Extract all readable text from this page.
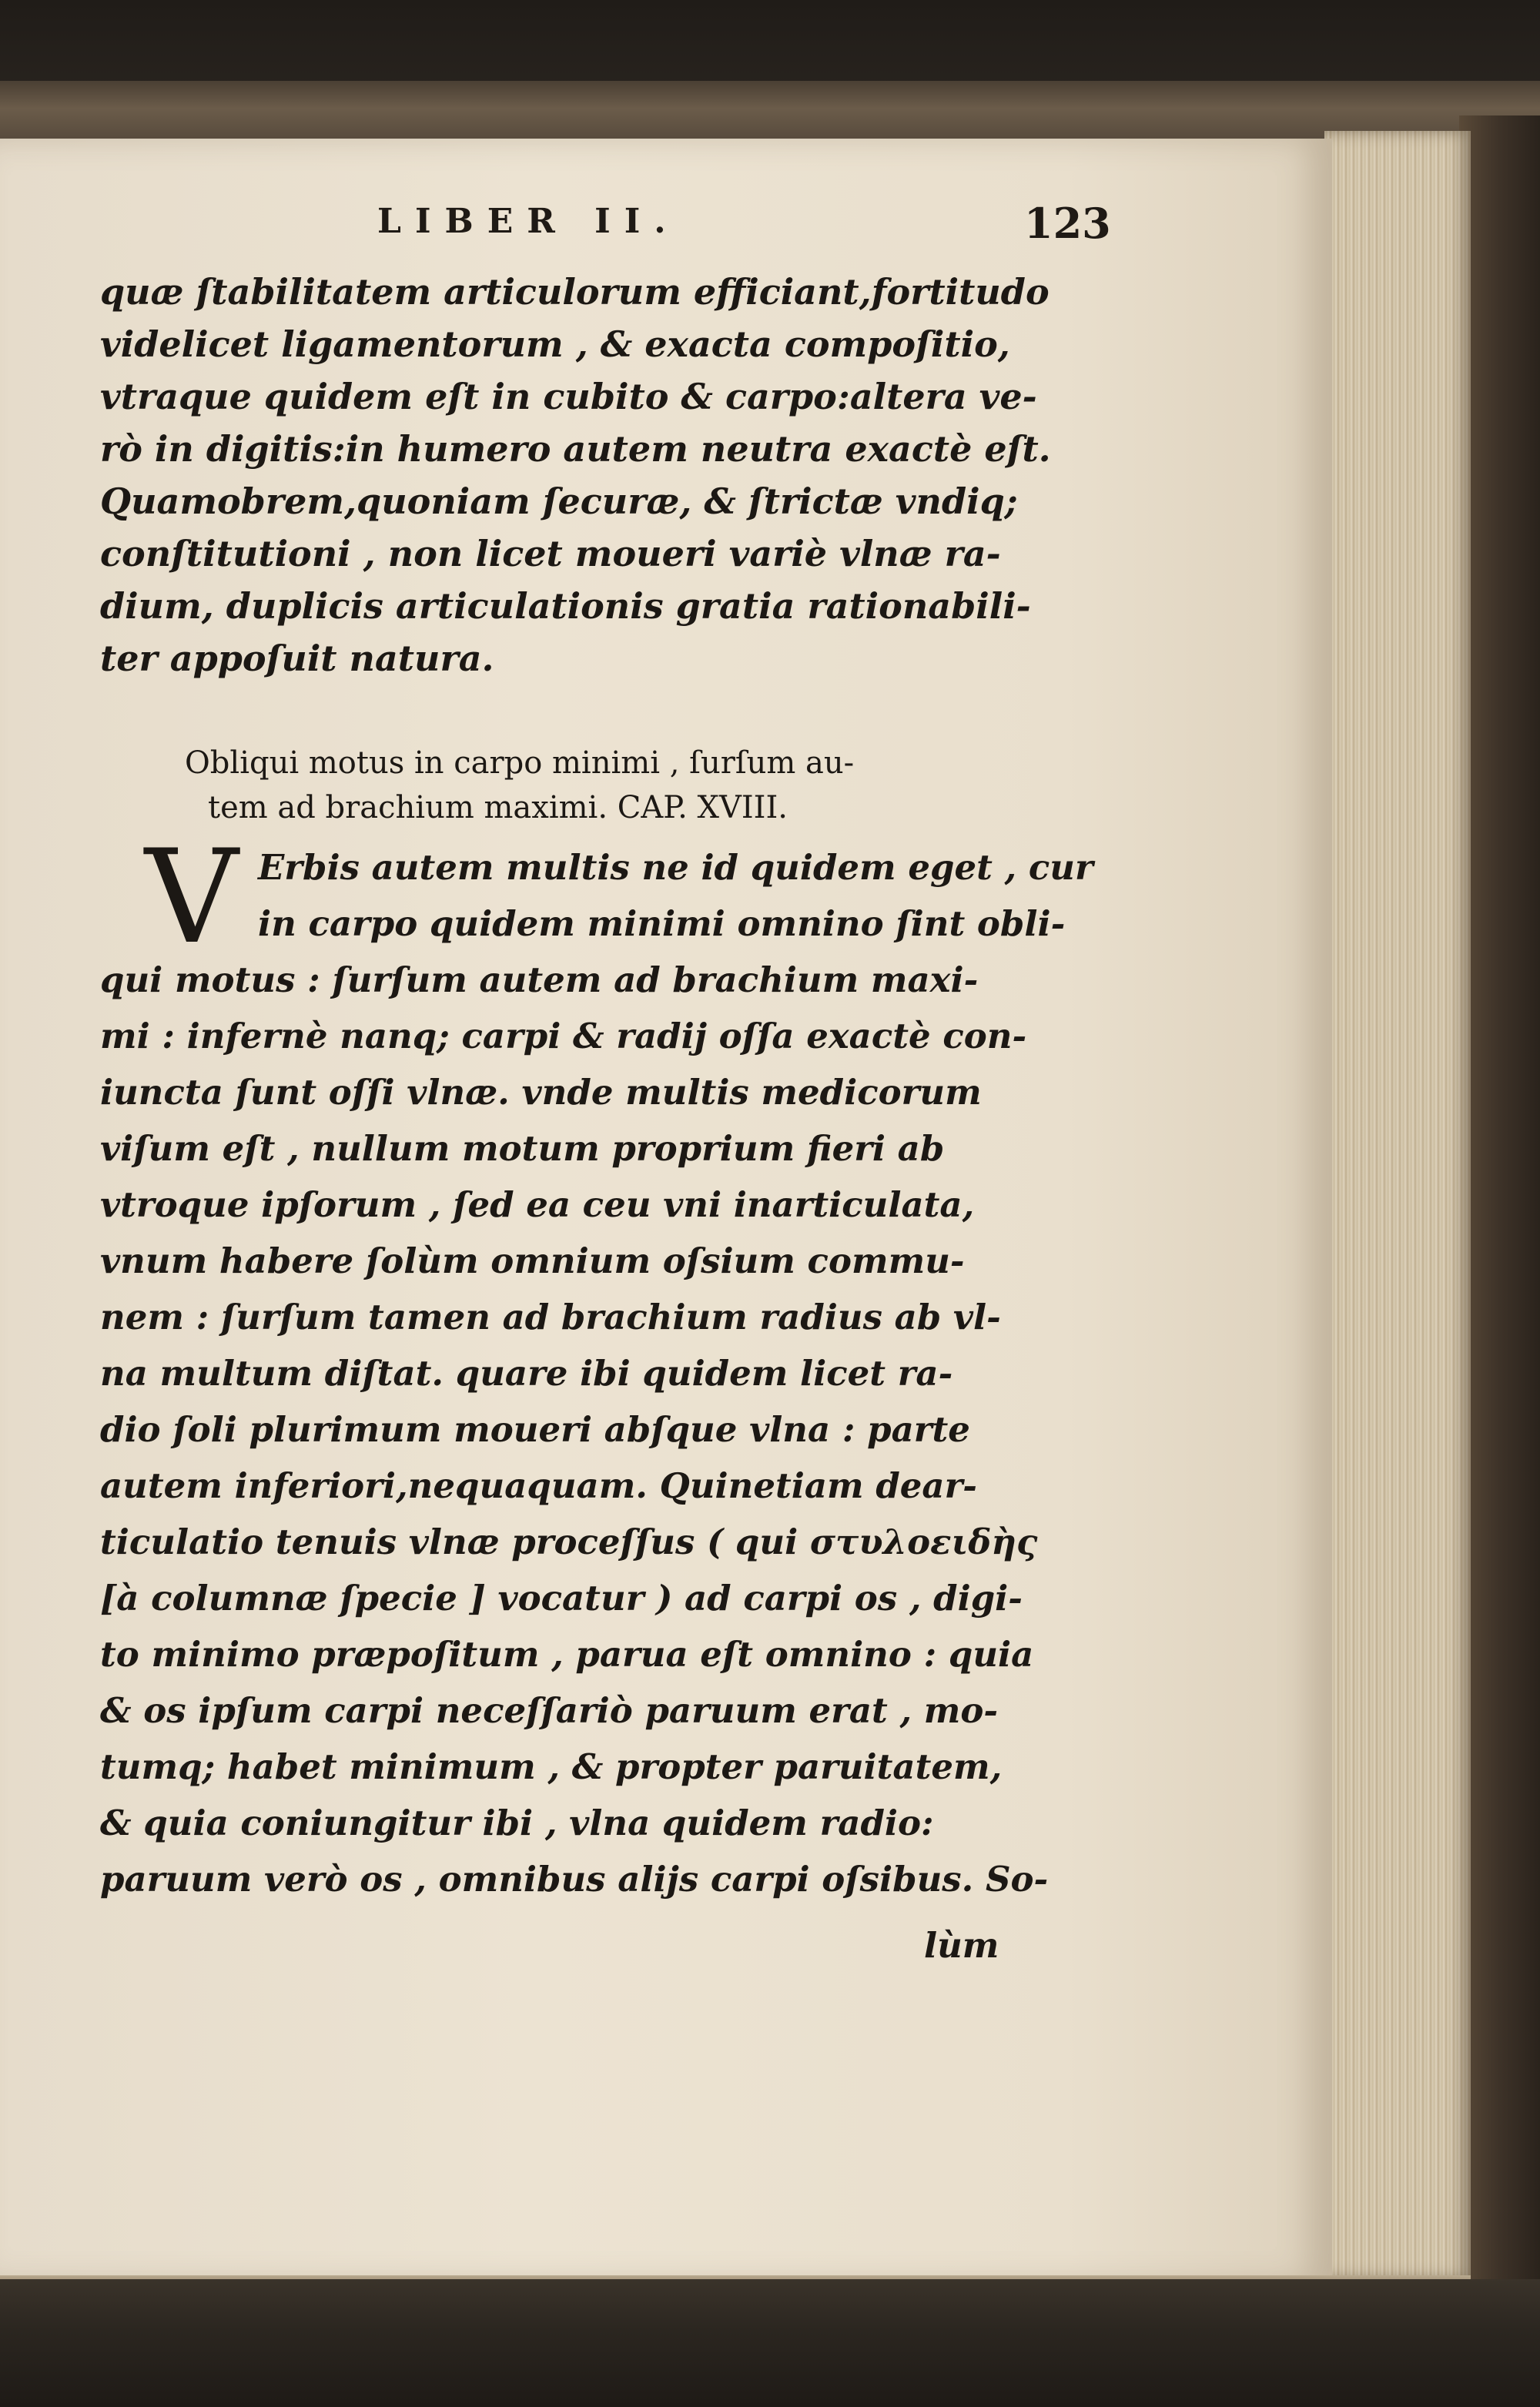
LIBER II.	123
quæ ſtabilitatem articulorum efficiant,fortitudo
videlicet ligamentorum , & exacta compoſitio,
vtraque quidem eſt in cubito & carpo:altera ve-
rò in digitis:in humero autem neutra exactè eſt.
Quamobrem,quoniam ſecuræ, & ſtrictæ vndiq;
conſtitutioni , non licet moueri variè vlnæ ra-
dium, duplicis articulationis gratia rationabili-
ter appoſuit natura.
Obliqui motus in carpo minimi , ſurſum au-
tem ad brachium maximi. CAP. XVIII.
V Erbis autem multis ne id quidem eget , cur
in carpo quidem minimi omnino ſint obli-
qui motus : ſurſum autem ad brachium maxi-
mi : infernè nanq; carpi & radij oſſa exactè con-
iuncta ſunt oſſi vlnæ. vnde multis medicorum
viſum eſt , nullum motum proprium fieri ab
vtroque ipſorum , ſed ea ceu vni inarticulata,
vnum habere ſolùm omnium oſsium commu-
nem : ſurſum tamen ad brachium radius ab vl-
na multum diſtat. quare ibi quidem licet ra-
dio ſoli plurimum moueri abſque vlna : parte
autem inferiori,nequaquam. Quinetiam dear-
ticulatio tenuis vlnæ proceſſus ( qui στυλοειδὴς
[à columnæ ſpecie ] vocatur ) ad carpi os , digi-
to minimo præpoſitum , parua eſt omnino : quia
& os ipſum carpi neceſſariò paruum erat , mo-
tumq; habet minimum , & propter paruitatem,
& quia coniungitur ibi , vlna quidem radio:
paruum verò os , omnibus alijs carpi oſsibus. So-
lùm
